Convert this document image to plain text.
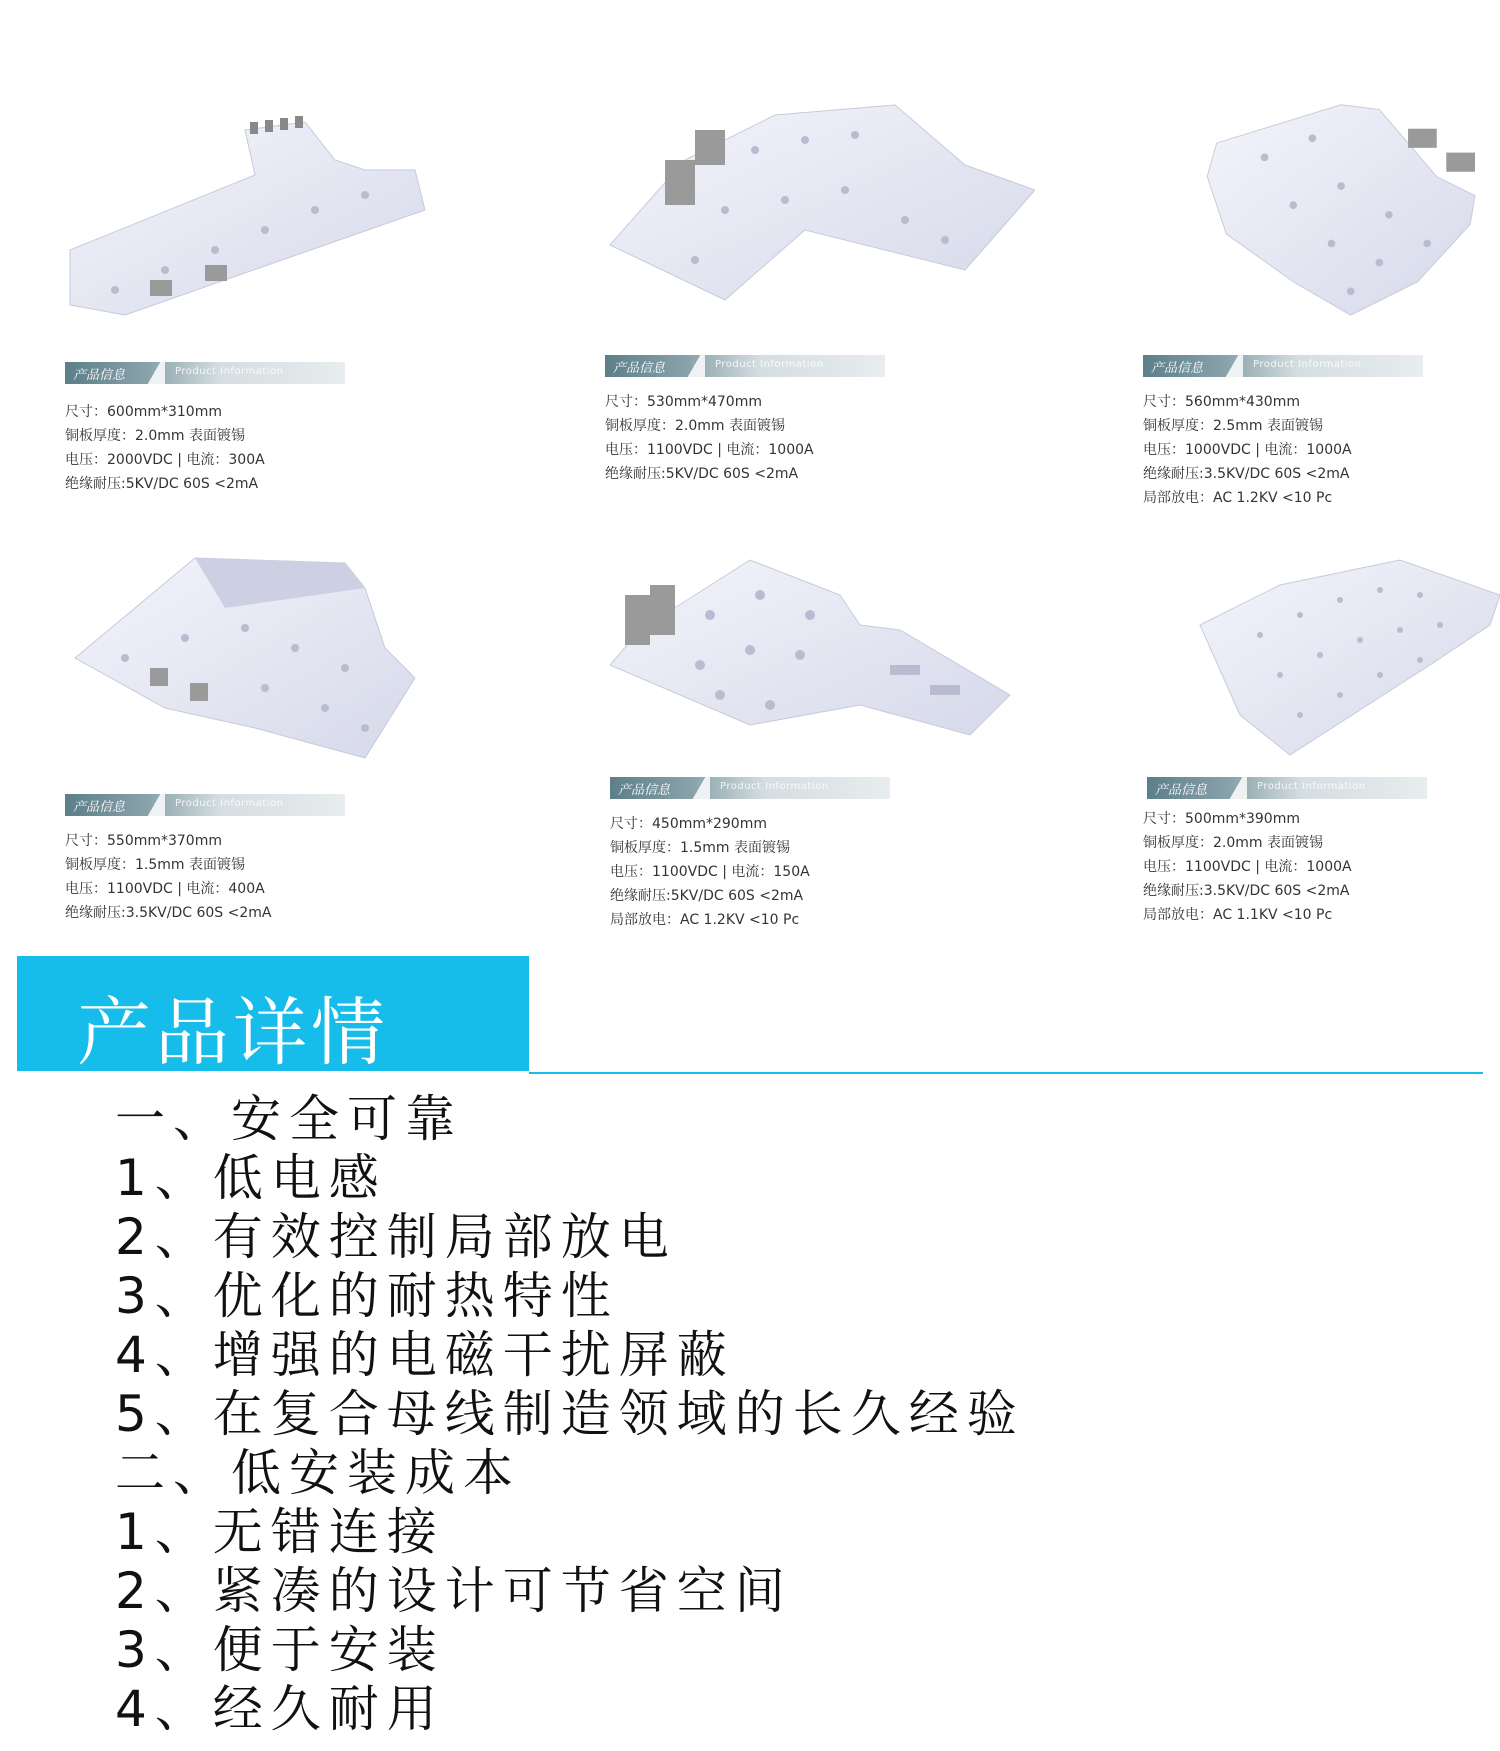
产品信息	Product Information
尺寸：600mm*310mm
铜板厚度：2.0mm 表面镀锡
电压：2000VDC | 电流：300A
绝缘耐压:5KV/DC 60S <2mA
产品信息	Product Information
尺寸：530mm*470mm
铜板厚度：2.0mm 表面镀锡
电压：1100VDC | 电流：1000A
绝缘耐压:5KV/DC 60S <2mA
产品信息	Product Information
尺寸：560mm*430mm
铜板厚度：2.5mm 表面镀锡
电压：1000VDC | 电流：1000A
绝缘耐压:3.5KV/DC 60S <2mA
局部放电：AC 1.2KV <10 Pc
产品信息	Product Information
尺寸：550mm*370mm
铜板厚度：1.5mm 表面镀锡
电压：1100VDC | 电流：400A
绝缘耐压:3.5KV/DC 60S <2mA
产品信息	Product Information
尺寸：450mm*290mm
铜板厚度：1.5mm 表面镀锡
电压：1100VDC | 电流：150A
绝缘耐压:5KV/DC 60S <2mA
局部放电：AC 1.2KV <10 Pc
产品信息	Product Information
尺寸：500mm*390mm
铜板厚度：2.0mm 表面镀锡
电压：1100VDC | 电流：1000A
绝缘耐压:3.5KV/DC 60S <2mA
局部放电：AC 1.1KV <10 Pc
产品详情
一、安全可靠
1、低电感
2、有效控制局部放电
3、优化的耐热特性
4、增强的电磁干扰屏蔽
5、在复合母线制造领域的长久经验
二、低安装成本
1、无错连接
2、紧凑的设计可节省空间
3、便于安装
4、经久耐用
